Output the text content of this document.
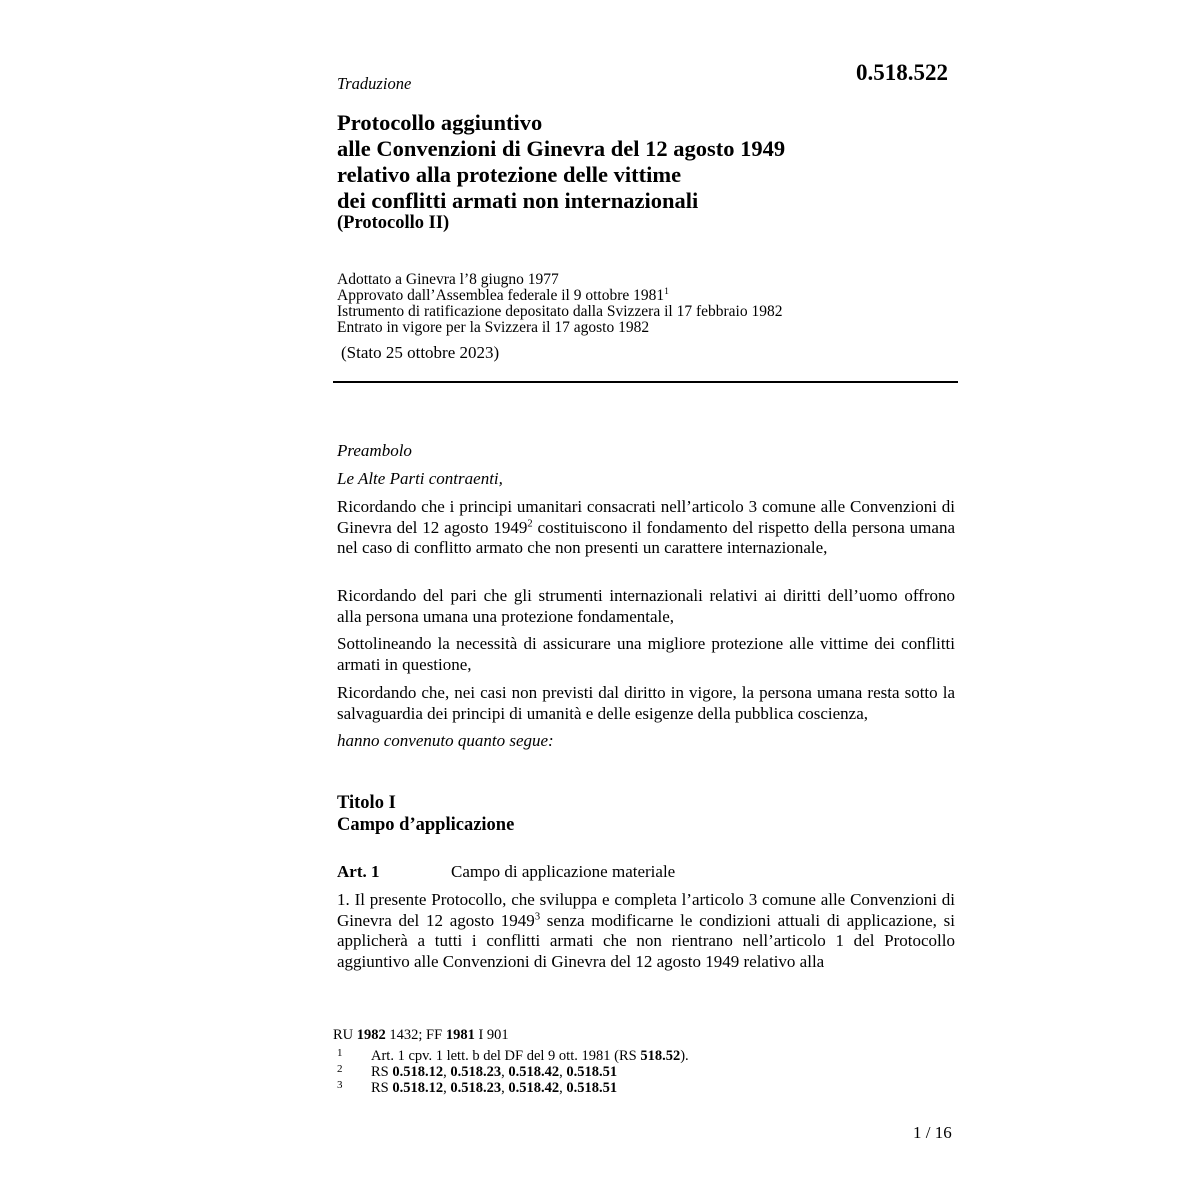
Traduzione	0.518.522
Protocollo aggiuntivo
alle Convenzioni di Ginevra del 12 agosto 1949
relativo alla protezione delle vittime
dei conflitti armati non internazionali
(Protocollo II)
Adottato a Ginevra l’8 giugno 1977
Approvato dall’Assemblea federale il 9 ottobre 1981$^1$
Istrumento di ratificazione depositato dalla Svizzera il 17 febbraio 1982
Entrato in vigore per la Svizzera il 17 agosto 1982
(Stato 25 ottobre 2023)
Preambolo
Le Alte Parti contraenti,
Ricordando che i principi umanitari consacrati nell’articolo 3 comune alle Convenzioni di Ginevra del 12 agosto 1949$^2$ costituiscono il fondamento del rispetto della persona umana nel caso di conflitto armato che non presenti un carattere internazionale,
Ricordando del pari che gli strumenti internazionali relativi ai diritti dell’uomo offrono alla persona umana una protezione fondamentale,
Sottolineando la necessità di assicurare una migliore protezione alle vittime dei conflitti armati in questione,
Ricordando che, nei casi non previsti dal diritto in vigore, la persona umana resta sotto la salvaguardia dei principi di umanità e delle esigenze della pubblica coscienza,
hanno convenuto quanto segue:
Titolo I
Campo d’applicazione
Art. 1	Campo di applicazione materiale
1. Il presente Protocollo, che sviluppa e completa l’articolo 3 comune alle Convenzioni di Ginevra del 12 agosto 1949$^3$ senza modificarne le condizioni attuali di applicazione, si applicherà a tutti i conflitti armati che non rientrano nell’articolo 1 del Protocollo aggiuntivo alle Convenzioni di Ginevra del 12 agosto 1949 relativo alla
RU 1982 1432; FF 1981 I 901
1 Art. 1 cpv. 1 lett. b del DF del 9 ott. 1981 (RS 518.52).
2 RS 0.518.12, 0.518.23, 0.518.42, 0.518.51
3 RS 0.518.12, 0.518.23, 0.518.42, 0.518.51
1 / 16
